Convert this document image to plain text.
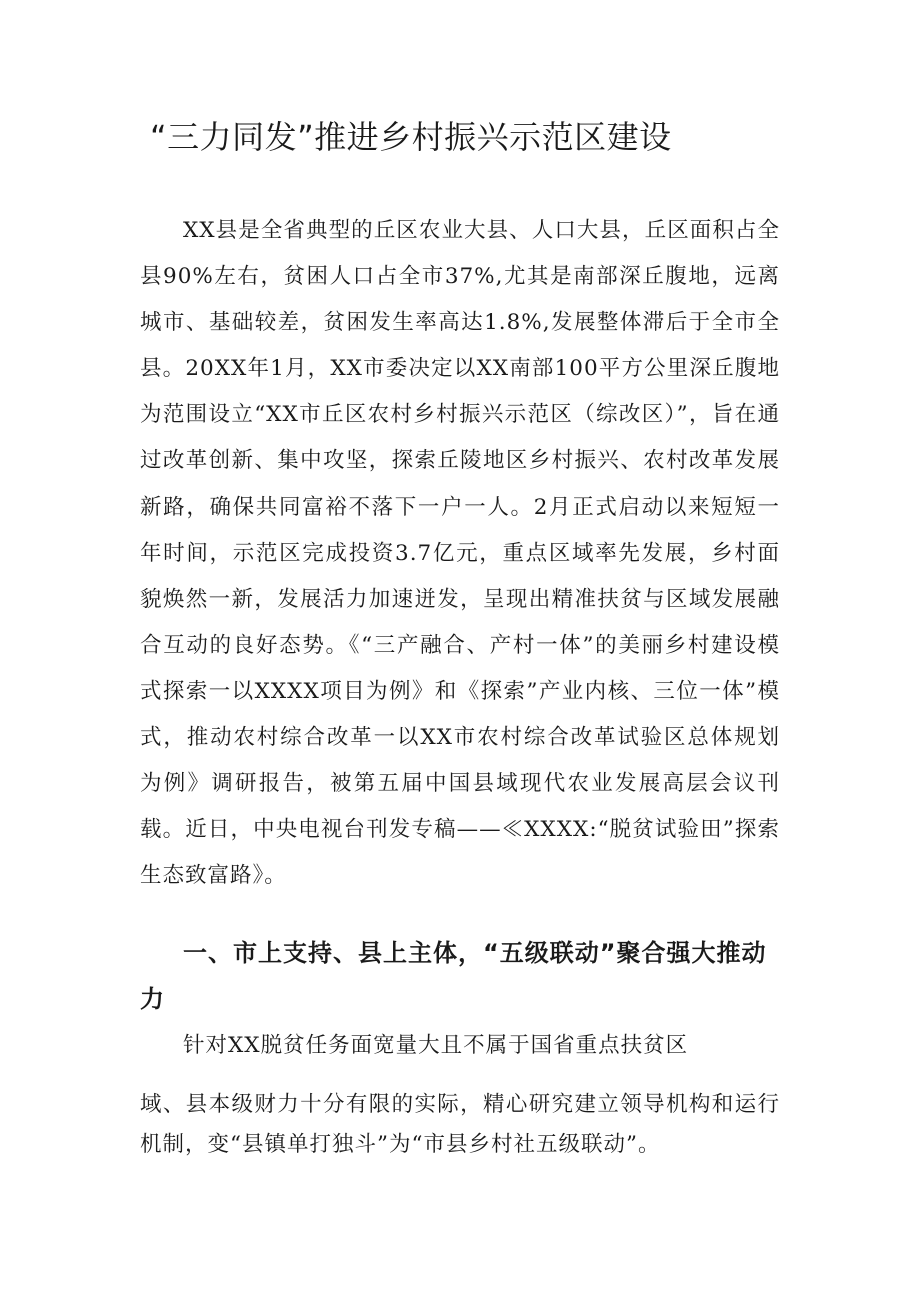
“三力同发”推进乡村振兴示范区建设

XX县是全省典型的丘区农业大县、人口大县，丘区面积占全县90%左右，贫困人口占全市37%,尤其是南部深丘腹地，远离城市、基础较差，贫困发生率高达1.8%,发展整体滞后于全市全县。20XX年1月，XX市委决定以XX南部100平方公里深丘腹地为范围设立“XX市丘区农村乡村振兴示范区（综改区）”，旨在通过改革创新、集中攻坚，探索丘陵地区乡村振兴、农村改革发展新路，确保共同富裕不落下一户一人。2月正式启动以来短短一年时间，示范区完成投资3.7亿元，重点区域率先发展，乡村面貌焕然一新，发展活力加速迸发，呈现出精准扶贫与区域发展融合互动的良好态势。《“三产融合、产村一体”的美丽乡村建设模式探索一以XXXX项目为例》和《探索”产业内核、三位一体”模式，推动农村综合改革一以XX市农村综合改革试验区总体规划为例》调研报告，被第五届中国县域现代农业发展高层会议刊载。近日，中央电视台刊发专稿——≪XXXX:“脱贫试验田”探索生态致富路》。

一、市上支持、县上主体，“五级联动”聚合强大推动力

针对XX脱贫任务面宽量大且不属于国省重点扶贫区

域、县本级财力十分有限的实际，精心研究建立领导机构和运行机制，变“县镇单打独斗”为“市县乡村社五级联动”。
